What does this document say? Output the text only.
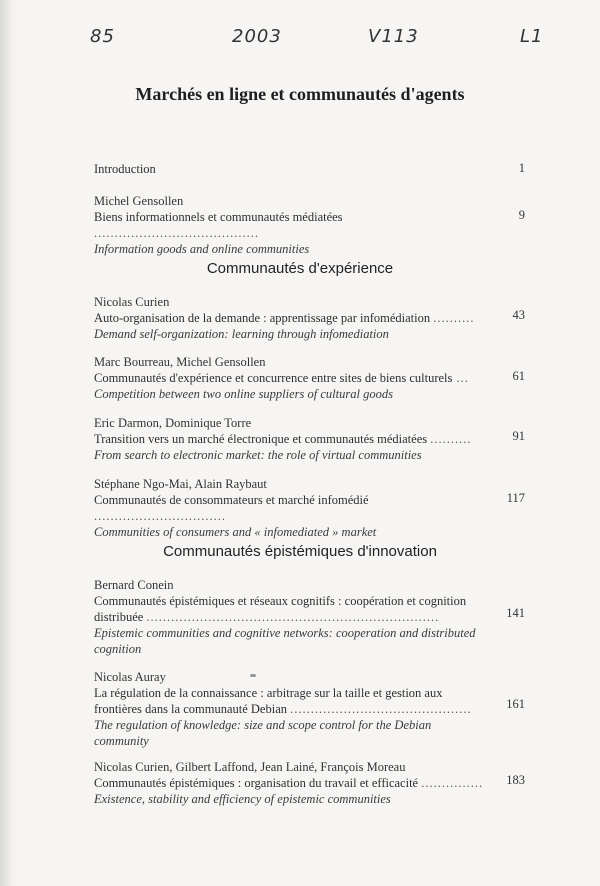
85	2003	V113	L1
Marchés en ligne et communautés d'agents
Introduction	1
Michel Gensollen
Biens informationnels et communautés médiatées ........................................
Information goods and online communities
9
Communautés d'expérience
Nicolas Curien
Auto-organisation de la demande : apprentissage par infomédiation ..........
Demand self-organization: learning through infomediation
43
Marc Bourreau, Michel Gensollen
Communautés d'expérience et concurrence entre sites de biens culturels ...
Competition between two online suppliers of cultural goods
61
Eric Darmon, Dominique Torre
Transition vers un marché électronique et communautés médiatées ..........
From search to electronic market: the role of virtual communities
91
Stéphane Ngo-Mai, Alain Raybaut
Communautés de consommateurs et marché infomédié ................................
Communities of consumers and « infomediated » market
117
Communautés épistémiques d'innovation
Bernard Conein
Communautés épistémiques et réseaux cognitifs : coopération et cognition
distribuée .......................................................................
Epistemic communities and cognitive networks: cooperation and distributed
cognition
141
Nicolas Auray
La régulation de la connaissance : arbitrage sur la taille et gestion aux
frontières dans la communauté Debian ............................................
The regulation of knowledge: size and scope control for the Debian
community
161
Nicolas Curien, Gilbert Laffond, Jean Lainé, François Moreau
Communautés épistémiques : organisation du travail et efficacité ...............
Existence, stability and efficiency of epistemic communities
183
